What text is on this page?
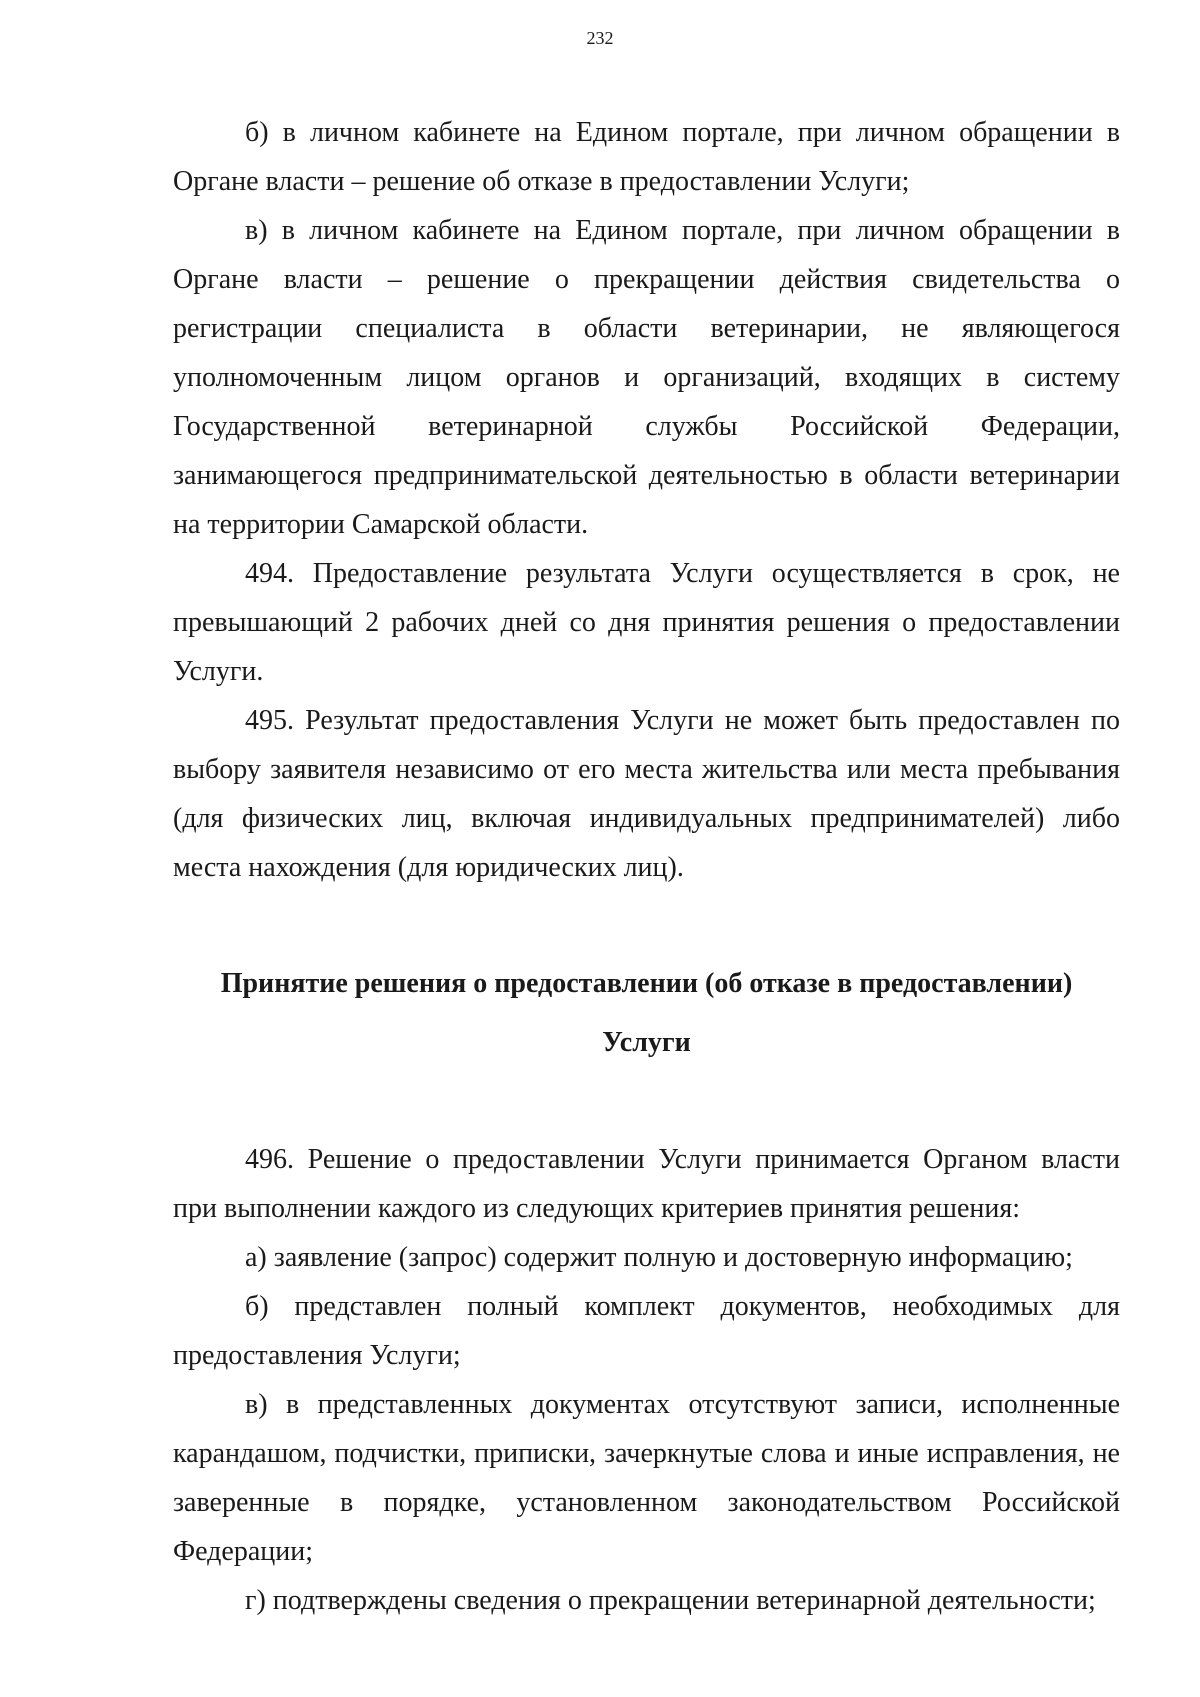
232

б) в личном кабинете на Едином портале, при личном обращении в Органе власти – решение об отказе в предоставлении Услуги;

в) в личном кабинете на Едином портале, при личном обращении в Органе власти – решение о прекращении действия свидетельства о регистрации специалиста в области ветеринарии, не являющегося уполномоченным лицом органов и организаций, входящих в систему Государственной ветеринарной службы Российской Федерации, занимающегося предпринимательской деятельностью в области ветеринарии на территории Самарской области.

494. Предоставление результата Услуги осуществляется в срок, не превышающий 2 рабочих дней со дня принятия решения о предоставлении Услуги.

495. Результат предоставления Услуги не может быть предоставлен по выбору заявителя независимо от его места жительства или места пребывания (для физических лиц, включая индивидуальных предпринимателей) либо места нахождения (для юридических лиц).

Принятие решения о предоставлении (об отказе в предоставлении)
Услуги

496. Решение о предоставлении Услуги принимается Органом власти при выполнении каждого из следующих критериев принятия решения:

а) заявление (запрос) содержит полную и достоверную информацию;

б) представлен полный комплект документов, необходимых для предоставления Услуги;

в) в представленных документах отсутствуют записи, исполненные карандашом, подчистки, приписки, зачеркнутые слова и иные исправления, не заверенные в порядке, установленном законодательством Российской Федерации;

г) подтверждены сведения о прекращении ветеринарной деятельности;
